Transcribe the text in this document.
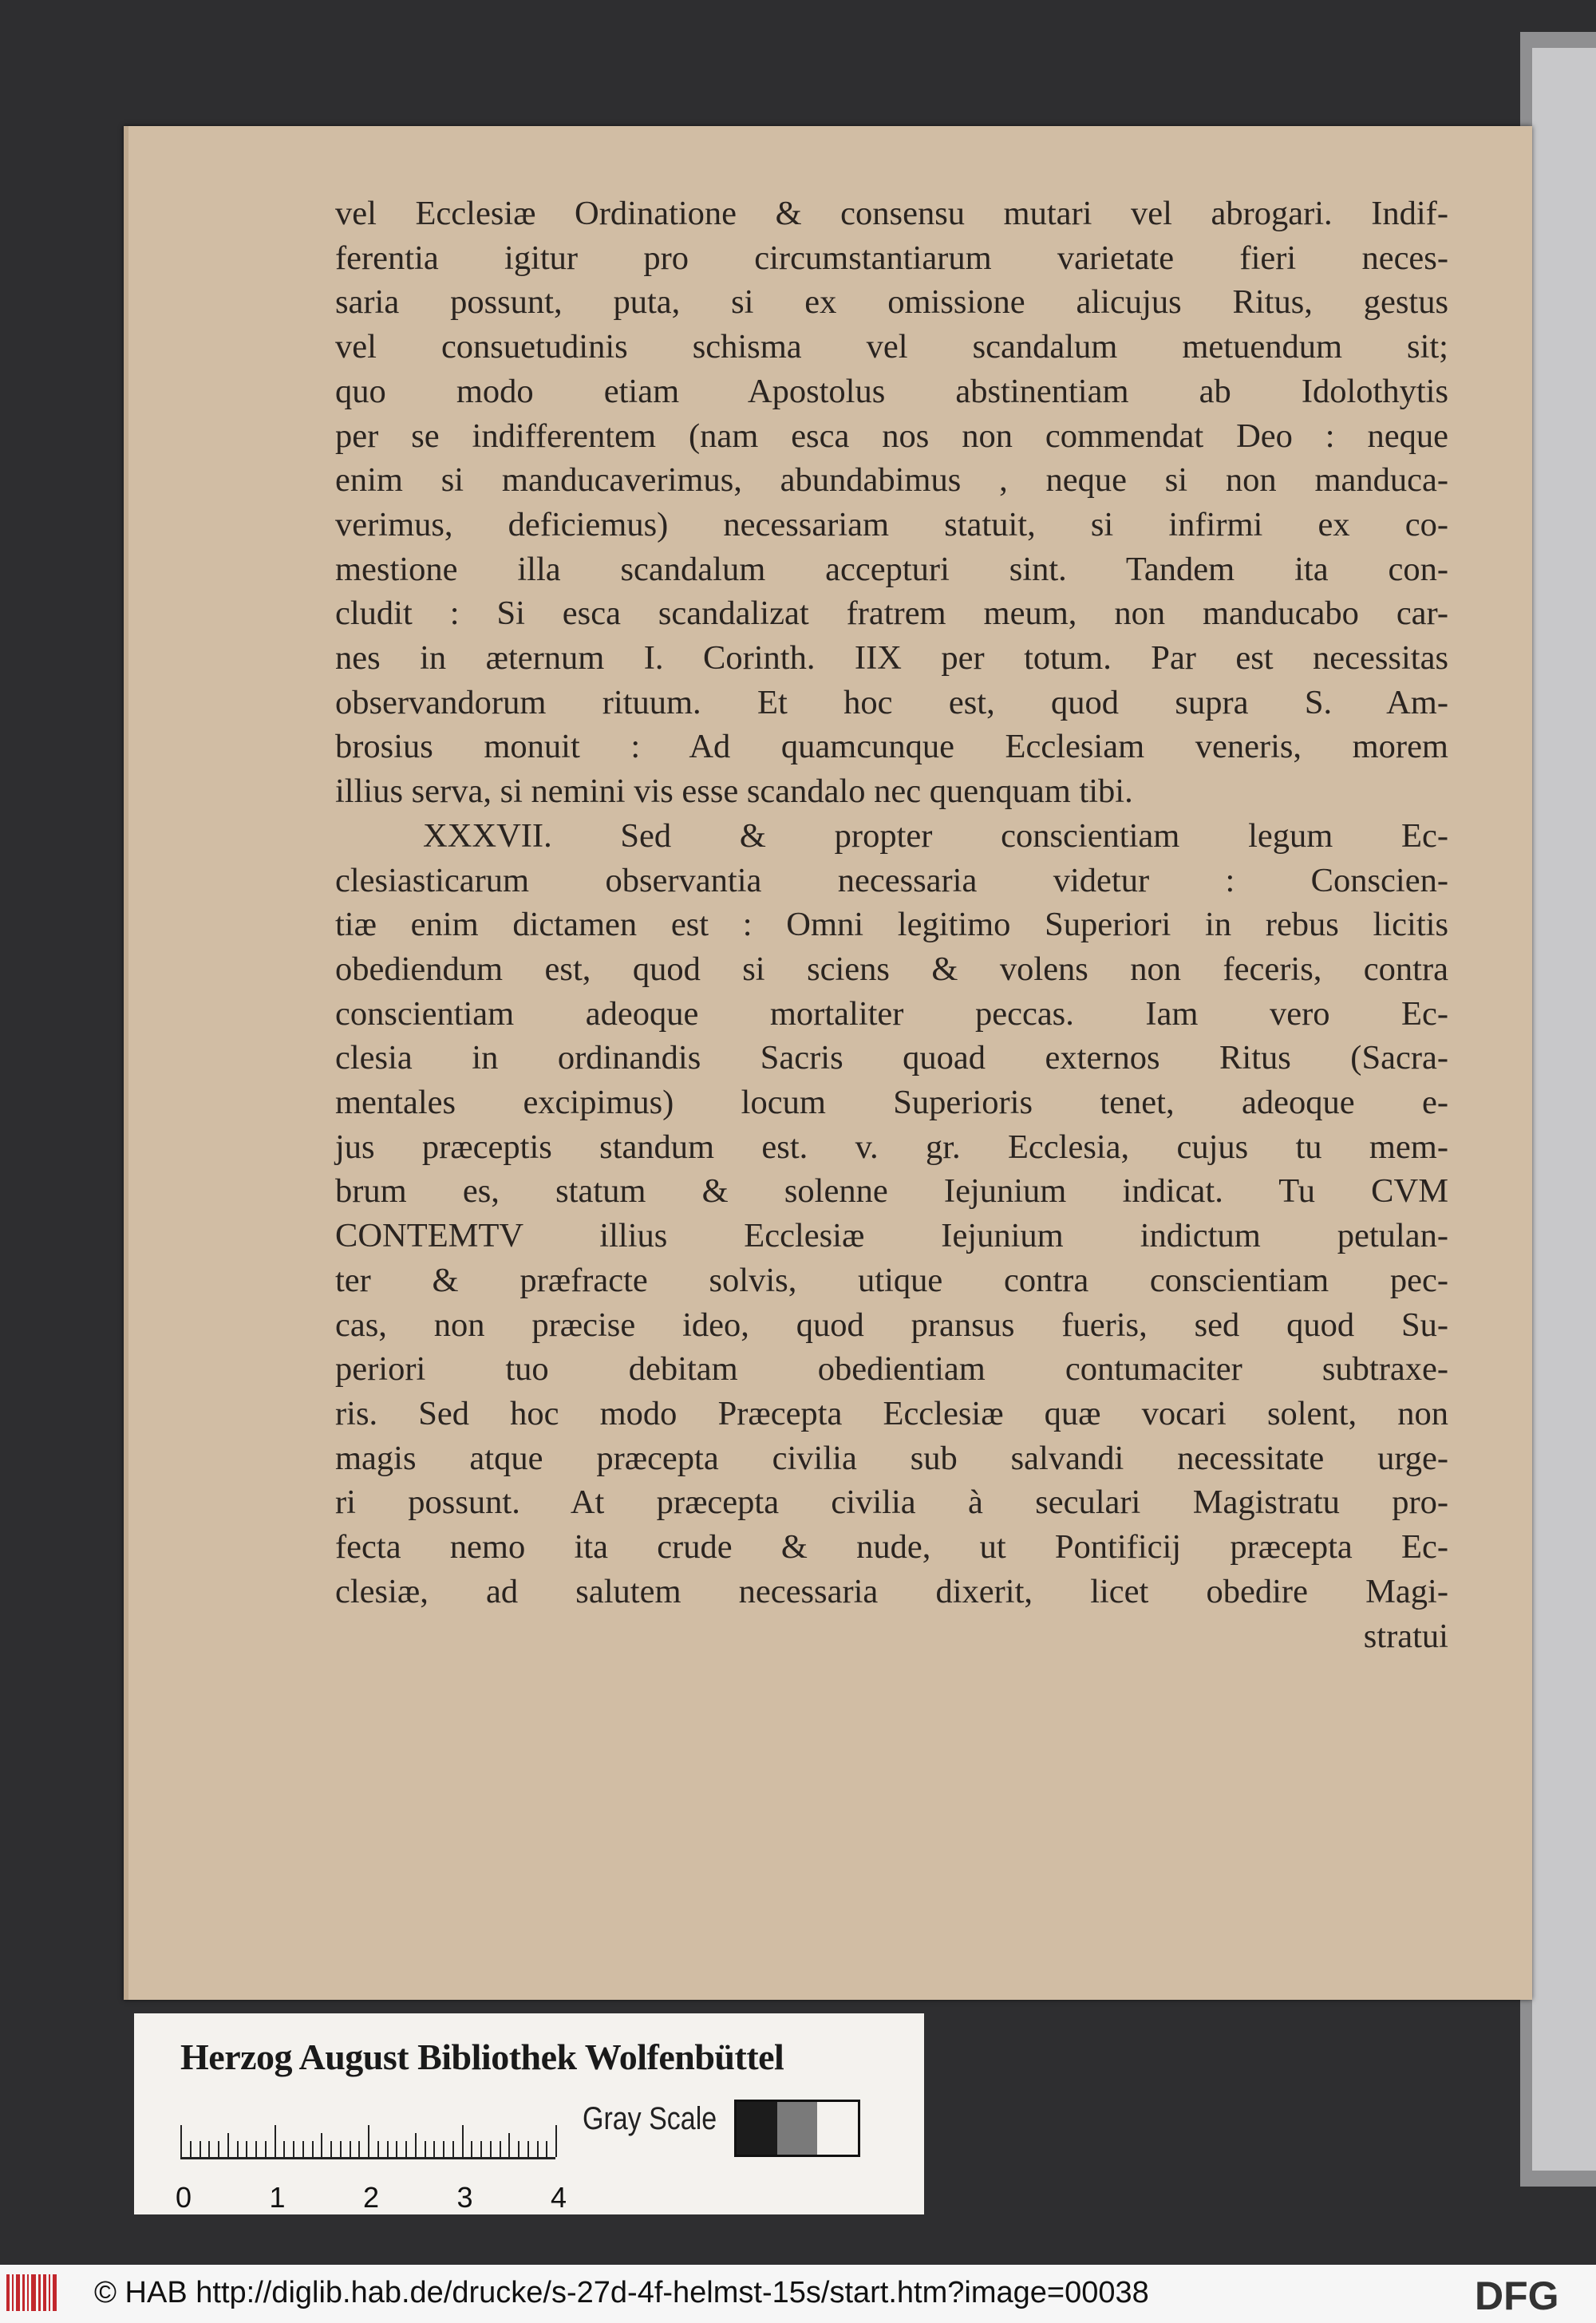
vel Ecclesiæ Ordinatione & consensu mutari vel abrogari. Indif-
ferentia igitur pro circumstantiarum varietate fieri neces-
saria possunt, puta, si ex omissione alicujus Ritus, gestus
vel consuetudinis schisma vel scandalum metuendum sit;
quo modo etiam Apostolus abstinentiam ab Idolothytis
per se indifferentem (nam esca nos non commendat Deo : neque
enim si manducaverimus, abundabimus , neque si non manduca-
verimus, deficiemus) necessariam statuit, si infirmi ex co-
mestione illa scandalum accepturi sint. Tandem ita con-
cludit : Si esca scandalizat fratrem meum, non manducabo car-
nes in æternum I. Corinth. IIX per totum. Par est necessitas
observandorum rituum. Et hoc est, quod supra S. Am-
brosius monuit : Ad quamcunque Ecclesiam veneris, morem
illius serva, si nemini vis esse scandalo nec quenquam tibi.
XXXVII. Sed & propter conscientiam legum Ec-
clesiasticarum observantia necessaria videtur : Conscien-
tiæ enim dictamen est : Omni legitimo Superiori in rebus licitis
obediendum est, quod si sciens & volens non feceris, contra
conscientiam adeoque mortaliter peccas. Iam vero Ec-
clesia in ordinandis Sacris quoad externos Ritus (Sacra-
mentales excipimus) locum Superioris tenet, adeoque e-
jus præceptis standum est. v. gr. Ecclesia, cujus tu mem-
brum es, statum & solenne Iejunium indicat. Tu CVM
CONTEMTV illius Ecclesiæ Iejunium indictum petulan-
ter & præfracte solvis, utique contra conscientiam pec-
cas, non præcise ideo, quod pransus fueris, sed quod Su-
periori tuo debitam obedientiam contumaciter subtraxe-
ris. Sed hoc modo Præcepta Ecclesiæ quæ vocari solent, non
magis atque præcepta civilia sub salvandi necessitate urge-
ri possunt. At præcepta civilia à seculari Magistratu pro-
fecta nemo ita crude & nude, ut Pontificij præcepta Ec-
clesiæ, ad salutem necessaria dixerit, licet obedire Magi-
stratui
Herzog August Bibliothek Wolfenbüttel
0	1	2	3	4
Gray Scale
© HAB http://diglib.hab.de/drucke/s-27d-4f-helmst-15s/start.htm?image=00038	DFG
